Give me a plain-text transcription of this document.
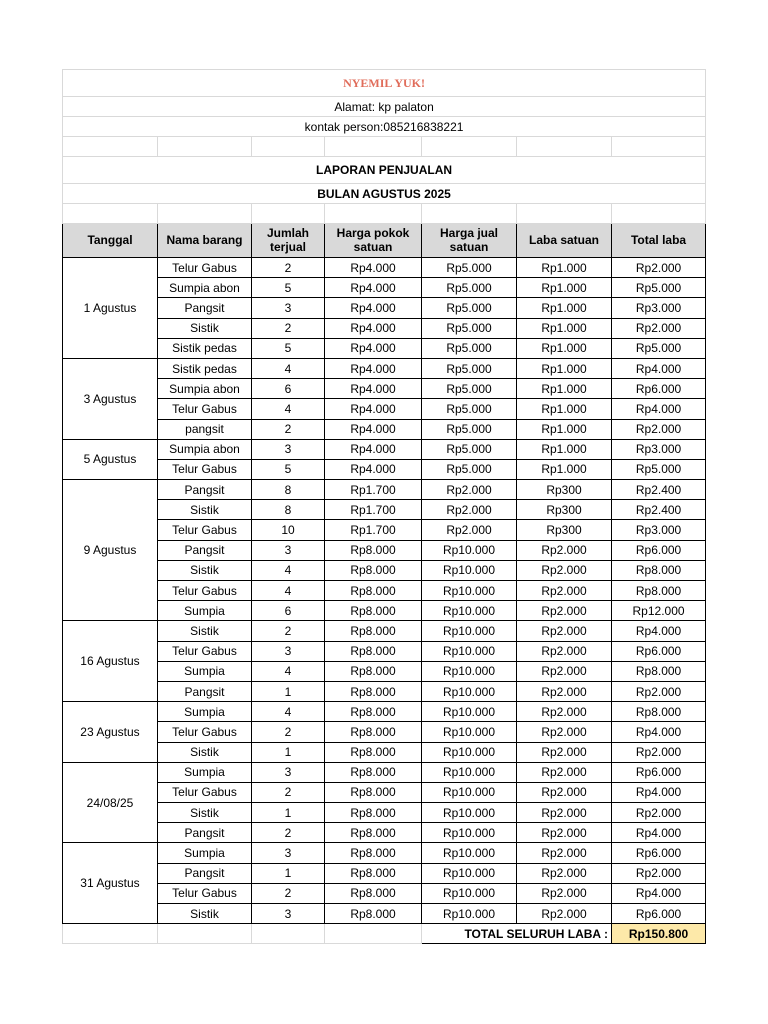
NYEMIL YUK!						
Alamat: kp palaton						
kontak person:085216838221						

LAPORAN PENJUALAN						
BULAN AGUSTUS 2025						

Tanggal	Nama barang	Jumlah terjual	Harga pokok satuan	Harga jual satuan	Laba satuan	Total laba
1 Agustus	Telur Gabus	2	Rp4.000	Rp5.000	Rp1.000	Rp2.000
	Sumpia abon	5	Rp4.000	Rp5.000	Rp1.000	Rp5.000
	Pangsit	3	Rp4.000	Rp5.000	Rp1.000	Rp3.000
	Sistik	2	Rp4.000	Rp5.000	Rp1.000	Rp2.000
	Sistik pedas	5	Rp4.000	Rp5.000	Rp1.000	Rp5.000
3 Agustus	Sistik pedas	4	Rp4.000	Rp5.000	Rp1.000	Rp4.000
	Sumpia abon	6	Rp4.000	Rp5.000	Rp1.000	Rp6.000
	Telur Gabus	4	Rp4.000	Rp5.000	Rp1.000	Rp4.000
	pangsit	2	Rp4.000	Rp5.000	Rp1.000	Rp2.000
5 Agustus	Sumpia abon	3	Rp4.000	Rp5.000	Rp1.000	Rp3.000
	Telur Gabus	5	Rp4.000	Rp5.000	Rp1.000	Rp5.000
9 Agustus	Pangsit	8	Rp1.700	Rp2.000	Rp300	Rp2.400
	Sistik	8	Rp1.700	Rp2.000	Rp300	Rp2.400
	Telur Gabus	10	Rp1.700	Rp2.000	Rp300	Rp3.000
	Pangsit	3	Rp8.000	Rp10.000	Rp2.000	Rp6.000
	Sistik	4	Rp8.000	Rp10.000	Rp2.000	Rp8.000
	Telur Gabus	4	Rp8.000	Rp10.000	Rp2.000	Rp8.000
	Sumpia	6	Rp8.000	Rp10.000	Rp2.000	Rp12.000
16 Agustus	Sistik	2	Rp8.000	Rp10.000	Rp2.000	Rp4.000
	Telur Gabus	3	Rp8.000	Rp10.000	Rp2.000	Rp6.000
	Sumpia	4	Rp8.000	Rp10.000	Rp2.000	Rp8.000
	Pangsit	1	Rp8.000	Rp10.000	Rp2.000	Rp2.000
23 Agustus	Sumpia	4	Rp8.000	Rp10.000	Rp2.000	Rp8.000
	Telur Gabus	2	Rp8.000	Rp10.000	Rp2.000	Rp4.000
	Sistik	1	Rp8.000	Rp10.000	Rp2.000	Rp2.000
24/08/25	Sumpia	3	Rp8.000	Rp10.000	Rp2.000	Rp6.000
	Telur Gabus	2	Rp8.000	Rp10.000	Rp2.000	Rp4.000
	Sistik	1	Rp8.000	Rp10.000	Rp2.000	Rp2.000
	Pangsit	2	Rp8.000	Rp10.000	Rp2.000	Rp4.000
31 Agustus	Sumpia	3	Rp8.000	Rp10.000	Rp2.000	Rp6.000
	Pangsit	1	Rp8.000	Rp10.000	Rp2.000	Rp2.000
	Telur Gabus	2	Rp8.000	Rp10.000	Rp2.000	Rp4.000
	Sistik	3	Rp8.000	Rp10.000	Rp2.000	Rp6.000
				TOTAL SELURUH LABA :		Rp150.800
